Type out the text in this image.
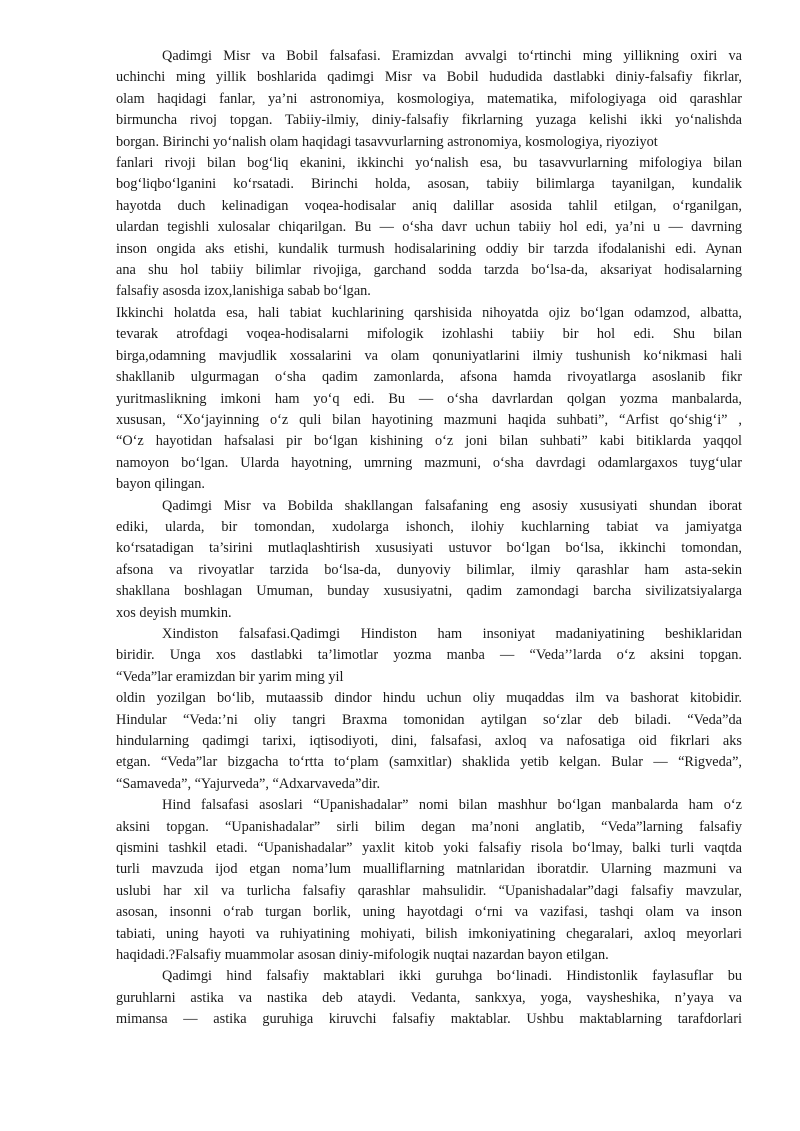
Qadimgi Misr va Bobil falsafasi. Eramizdan avvalgi to‘rtinchi ming yillikning oxiri va
uchinchi ming yillik boshlarida qadimgi Misr va Bobil hududida dastlabki diniy-falsafiy fikrlar,
olam haqidagi fanlar, ya’ni astronomiya, kosmologiya, matematika, mifologiyaga oid qarashlar
birmuncha rivoj topgan. Tabiiy-ilmiy, diniy-falsafiy fikrlarning yuzaga kelishi ikki yo‘nalishda
borgan. Birinchi yo‘nalish olam haqidagi tasavvurlarning astronomiya, kosmologiya, riyoziyot
fanlari rivoji bilan bog‘liq ekanini, ikkinchi yo‘nalish esa, bu tasavvurlarning mifologiya bilan
bog‘liqbo‘lganini ko‘rsatadi. Birinchi holda, asosan, tabiiy bilimlarga tayanilgan, kundalik
hayotda duch kelinadigan voqea-hodisalar aniq dalillar asosida tahlil etilgan, o‘rganilgan,
ulardan tegishli xulosalar chiqarilgan. Bu — o‘sha davr uchun tabiiy hol edi, ya’ni u — davrning
inson ongida aks etishi, kundalik turmush hodisalarining oddiy bir tarzda ifodalanishi edi. Aynan
ana shu hol tabiiy bilimlar rivojiga, garchand sodda tarzda bo‘lsa-da, aksariyat hodisalarning
falsafiy asosda izox,lanishiga sabab bo‘lgan.
Ikkinchi holatda esa, hali tabiat kuchlarining qarshisida nihoyatda ojiz bo‘lgan odamzod, albatta,
tevarak atrofdagi voqea-hodisalarni mifologik izohlashi tabiiy bir hol edi. Shu bilan
birga,odamning mavjudlik xossalarini va olam qonuniyatlarini ilmiy tushunish ko‘nikmasi hali
shakllanib ulgurmagan o‘sha qadim zamonlarda, afsona hamda rivoyatlarga asoslanib fikr
yuritmaslikning imkoni ham yo‘q edi. Bu — o‘sha davrlardan qolgan yozma manbalarda,
xususan, “Xo‘jayinning o‘z quli bilan hayotining mazmuni haqida suhbati”, “Arfist qo‘shig‘i” ,
“O‘z hayotidan hafsalasi pir bo‘lgan kishining o‘z joni bilan suhbati” kabi bitiklarda yaqqol
namoyon bo‘lgan. Ularda hayotning, umrning mazmuni, o‘sha davrdagi odamlargaxos tuyg‘ular
bayon qilingan.
Qadimgi Misr va Bobilda shakllangan falsafaning eng asosiy xususiyati shundan iborat
ediki, ularda, bir tomondan, xudolarga ishonch, ilohiy kuchlarning tabiat va jamiyatga
ko‘rsatadigan ta’sirini mutlaqlashtirish xususiyati ustuvor bo‘lgan bo‘lsa, ikkinchi tomondan,
afsona va rivoyatlar tarzida bo‘lsa-da, dunyoviy bilimlar, ilmiy qarashlar ham asta-sekin
shakllana boshlagan Umuman, bunday xususiyatni, qadim zamondagi barcha sivilizatsiyalarga
xos deyish mumkin.
Xindiston falsafasi.Qadimgi Hindiston ham insoniyat madaniyatining beshiklaridan
biridir. Unga xos dastlabki ta’limotlar yozma manba — “Veda’’larda o‘z aksini topgan.
“Veda”lar eramizdan bir yarim ming yil
oldin yozilgan bo‘lib, mutaassib dindor hindu uchun oliy muqaddas ilm va bashorat kitobidir.
Hindular “Veda:’ni oliy tangri Braxma tomonidan aytilgan so‘zlar deb biladi. “Veda”da
hindularning qadimgi tarixi, iqtisodiyoti, dini, falsafasi, axloq va nafosatiga oid fikrlari aks
etgan. “Veda”lar bizgacha to‘rtta to‘plam (samxitlar) shaklida yetib kelgan. Bular — “Rigveda”,
“Samaveda”, “Yajurveda”, “Adxarvaveda”dir.
Hind falsafasi asoslari “Upanishadalar” nomi bilan mashhur bo‘lgan manbalarda ham o‘z
aksini topgan. “Upanishadalar” sirli bilim degan ma’noni anglatib, “Veda”larning falsafiy
qismini tashkil etadi. “Upanishadalar” yaxlit kitob yoki falsafiy risola bo‘lmay, balki turli vaqtda
turli mavzuda ijod etgan noma’lum mualliflarning matnlaridan iboratdir. Ularning mazmuni va
uslubi har xil va turlicha falsafiy qarashlar mahsulidir. “Upanishadalar”dagi falsafiy mavzular,
asosan, insonni o‘rab turgan borlik, uning hayotdagi o‘rni va vazifasi, tashqi olam va inson
tabiati, uning hayoti va ruhiyatining mohiyati, bilish imkoniyatining chegaralari, axloq meyorlari
haqidadi.?Falsafiy muammolar asosan diniy-mifologik nuqtai nazardan bayon etilgan.
Qadimgi hind falsafiy maktablari ikki guruhga bo‘linadi. Hindistonlik faylasuflar bu
guruhlarni astika va nastika deb ataydi. Vedanta, sankxya, yoga, vaysheshika, n’yaya va
mimansa — astika guruhiga kiruvchi falsafiy maktablar. Ushbu maktablarning tarafdorlari
